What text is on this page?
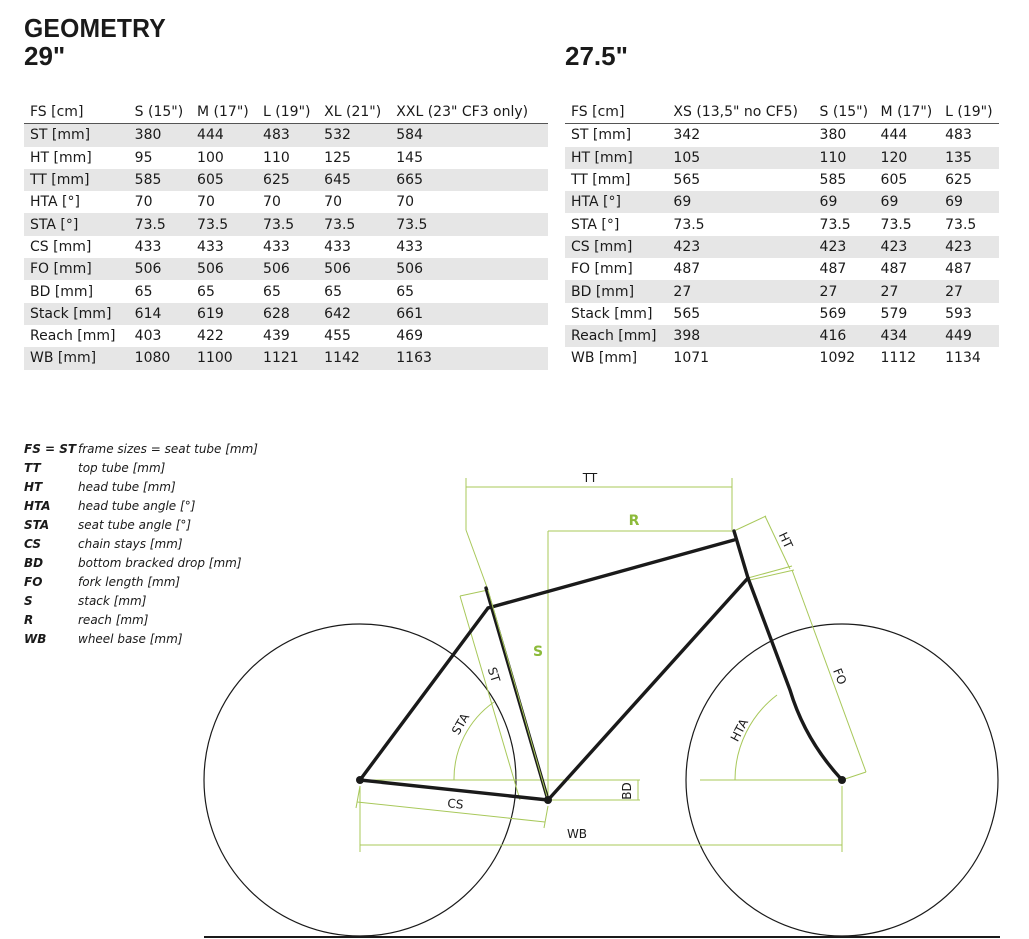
GEOMETRY
29"	27.5"
FS [cm]	S (15")	M (17")	L (19")	XL (21")	XXL (23" CF3 only)
ST [mm]	380	444	483	532	584
HT [mm]	95	100	110	125	145
TT [mm]	585	605	625	645	665
HTA [°]	70	70	70	70	70
STA [°]	73.5	73.5	73.5	73.5	73.5
CS [mm]	433	433	433	433	433
FO [mm]	506	506	506	506	506
BD [mm]	65	65	65	65	65
Stack [mm]	614	619	628	642	661
Reach [mm]	403	422	439	455	469
WB [mm]	1080	1100	1121	1142	1163
FS [cm]	XS (13,5" no CF5)	S (15")	M (17")	L (19")
ST [mm]	342	380	444	483
HT [mm]	105	110	120	135
TT [mm]	565	585	605	625
HTA [°]	69	69	69	69
STA [°]	73.5	73.5	73.5	73.5
CS [mm]	423	423	423	423
FO [mm]	487	487	487	487
BD [mm]	27	27	27	27
Stack [mm]	565	569	579	593
Reach [mm]	398	416	434	449
WB [mm]	1071	1092	1112	1134
FS = ST frame sizes = seat tube [mm]
TT	top tube [mm]
HT	head tube [mm]
HTA	head tube angle [°]
STA	seat tube angle [°]
CS	chain stays [mm]
BD	bottom bracked drop [mm]
FO	fork length [mm]
S	stack [mm]
R	reach [mm]
WB	wheel base [mm]
TT
R
S
HT
ST	FO
STA	HTA
BD
CS
WB
